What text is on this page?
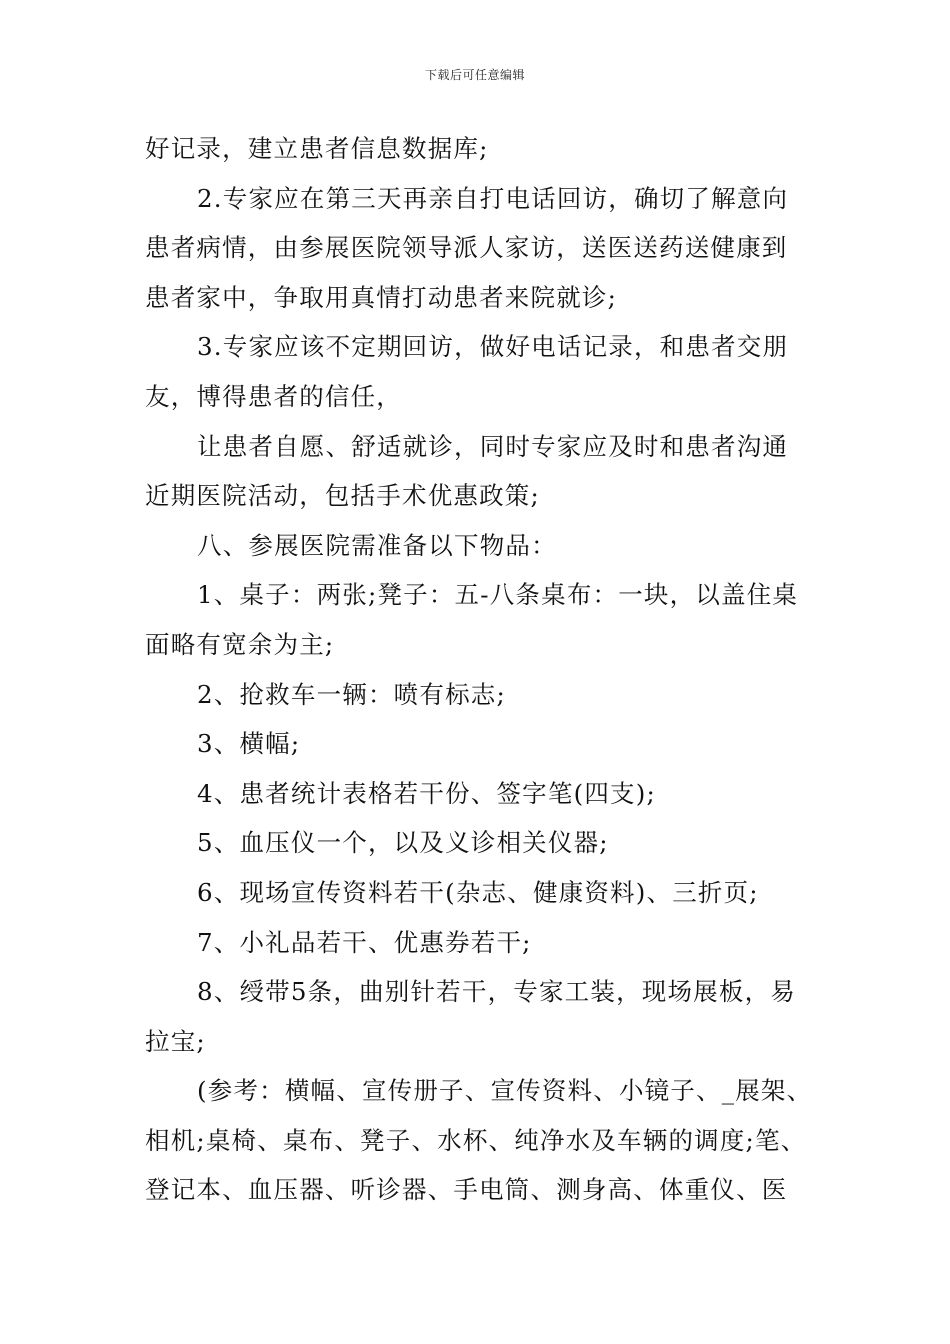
下载后可任意编辑
好记录，建立患者信息数据库;
2.专家应在第三天再亲自打电话回访，确切了解意向
患者病情，由参展医院领导派人家访，送医送药送健康到
患者家中，争取用真情打动患者来院就诊;
3.专家应该不定期回访，做好电话记录，和患者交朋
友，博得患者的信任，
让患者自愿、舒适就诊，同时专家应及时和患者沟通
近期医院活动，包括手术优惠政策;
八、参展医院需准备以下物品：
1、桌子：两张;凳子：五-八条桌布：一块，以盖住桌
面略有宽余为主;
2、抢救车一辆：喷有标志;
3、横幅;
4、患者统计表格若干份、签字笔(四支);
5、血压仪一个，以及义诊相关仪器;
6、现场宣传资料若干(杂志、健康资料)、三折页;
7、小礼品若干、优惠券若干;
8、绶带5条，曲别针若干，专家工装，现场展板，易
拉宝;
(参考：横幅、宣传册子、宣传资料、小镜子、_展架、
相机;桌椅、桌布、凳子、水杯、纯净水及车辆的调度;笔、
登记本、血压器、听诊器、手电筒、测身高、体重仪、医
